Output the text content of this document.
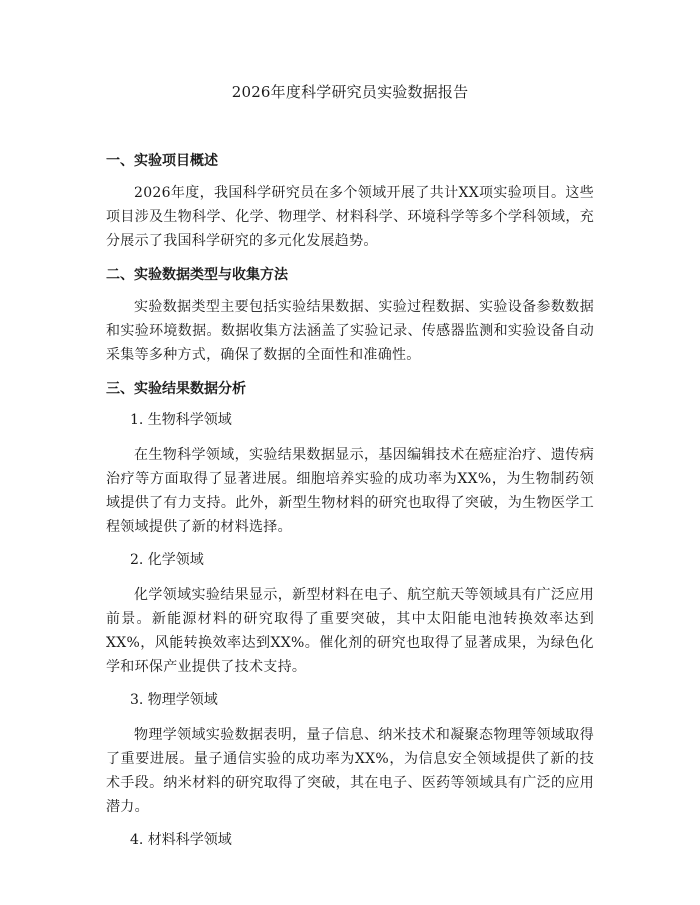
2026年度科学研究员实验数据报告
一、实验项目概述

2026年度，我国科学研究员在多个领域开展了共计XX项实验项目。这些项目涉及生物科学、化学、物理学、材料科学、环境科学等多个学科领域，充分展示了我国科学研究的多元化发展趋势。

二、实验数据类型与收集方法

实验数据类型主要包括实验结果数据、实验过程数据、实验设备参数数据和实验环境数据。数据收集方法涵盖了实验记录、传感器监测和实验设备自动采集等多种方式，确保了数据的全面性和准确性。

三、实验结果数据分析
1. 生物科学领域

在生物科学领域，实验结果数据显示，基因编辑技术在癌症治疗、遗传病治疗等方面取得了显著进展。细胞培养实验的成功率为XX%，为生物制药领域提供了有力支持。此外，新型生物材料的研究也取得了突破，为生物医学工程领域提供了新的材料选择。

2. 化学领域

化学领域实验结果显示，新型材料在电子、航空航天等领域具有广泛应用前景。新能源材料的研究取得了重要突破，其中太阳能电池转换效率达到XX%，风能转换效率达到XX%。催化剂的研究也取得了显著成果，为绿色化学和环保产业提供了技术支持。

3. 物理学领域

物理学领域实验数据表明，量子信息、纳米技术和凝聚态物理等领域取得了重要进展。量子通信实验的成功率为XX%，为信息安全领域提供了新的技术手段。纳米材料的研究取得了突破，其在电子、医药等领域具有广泛的应用潜力。

4. 材料科学领域
